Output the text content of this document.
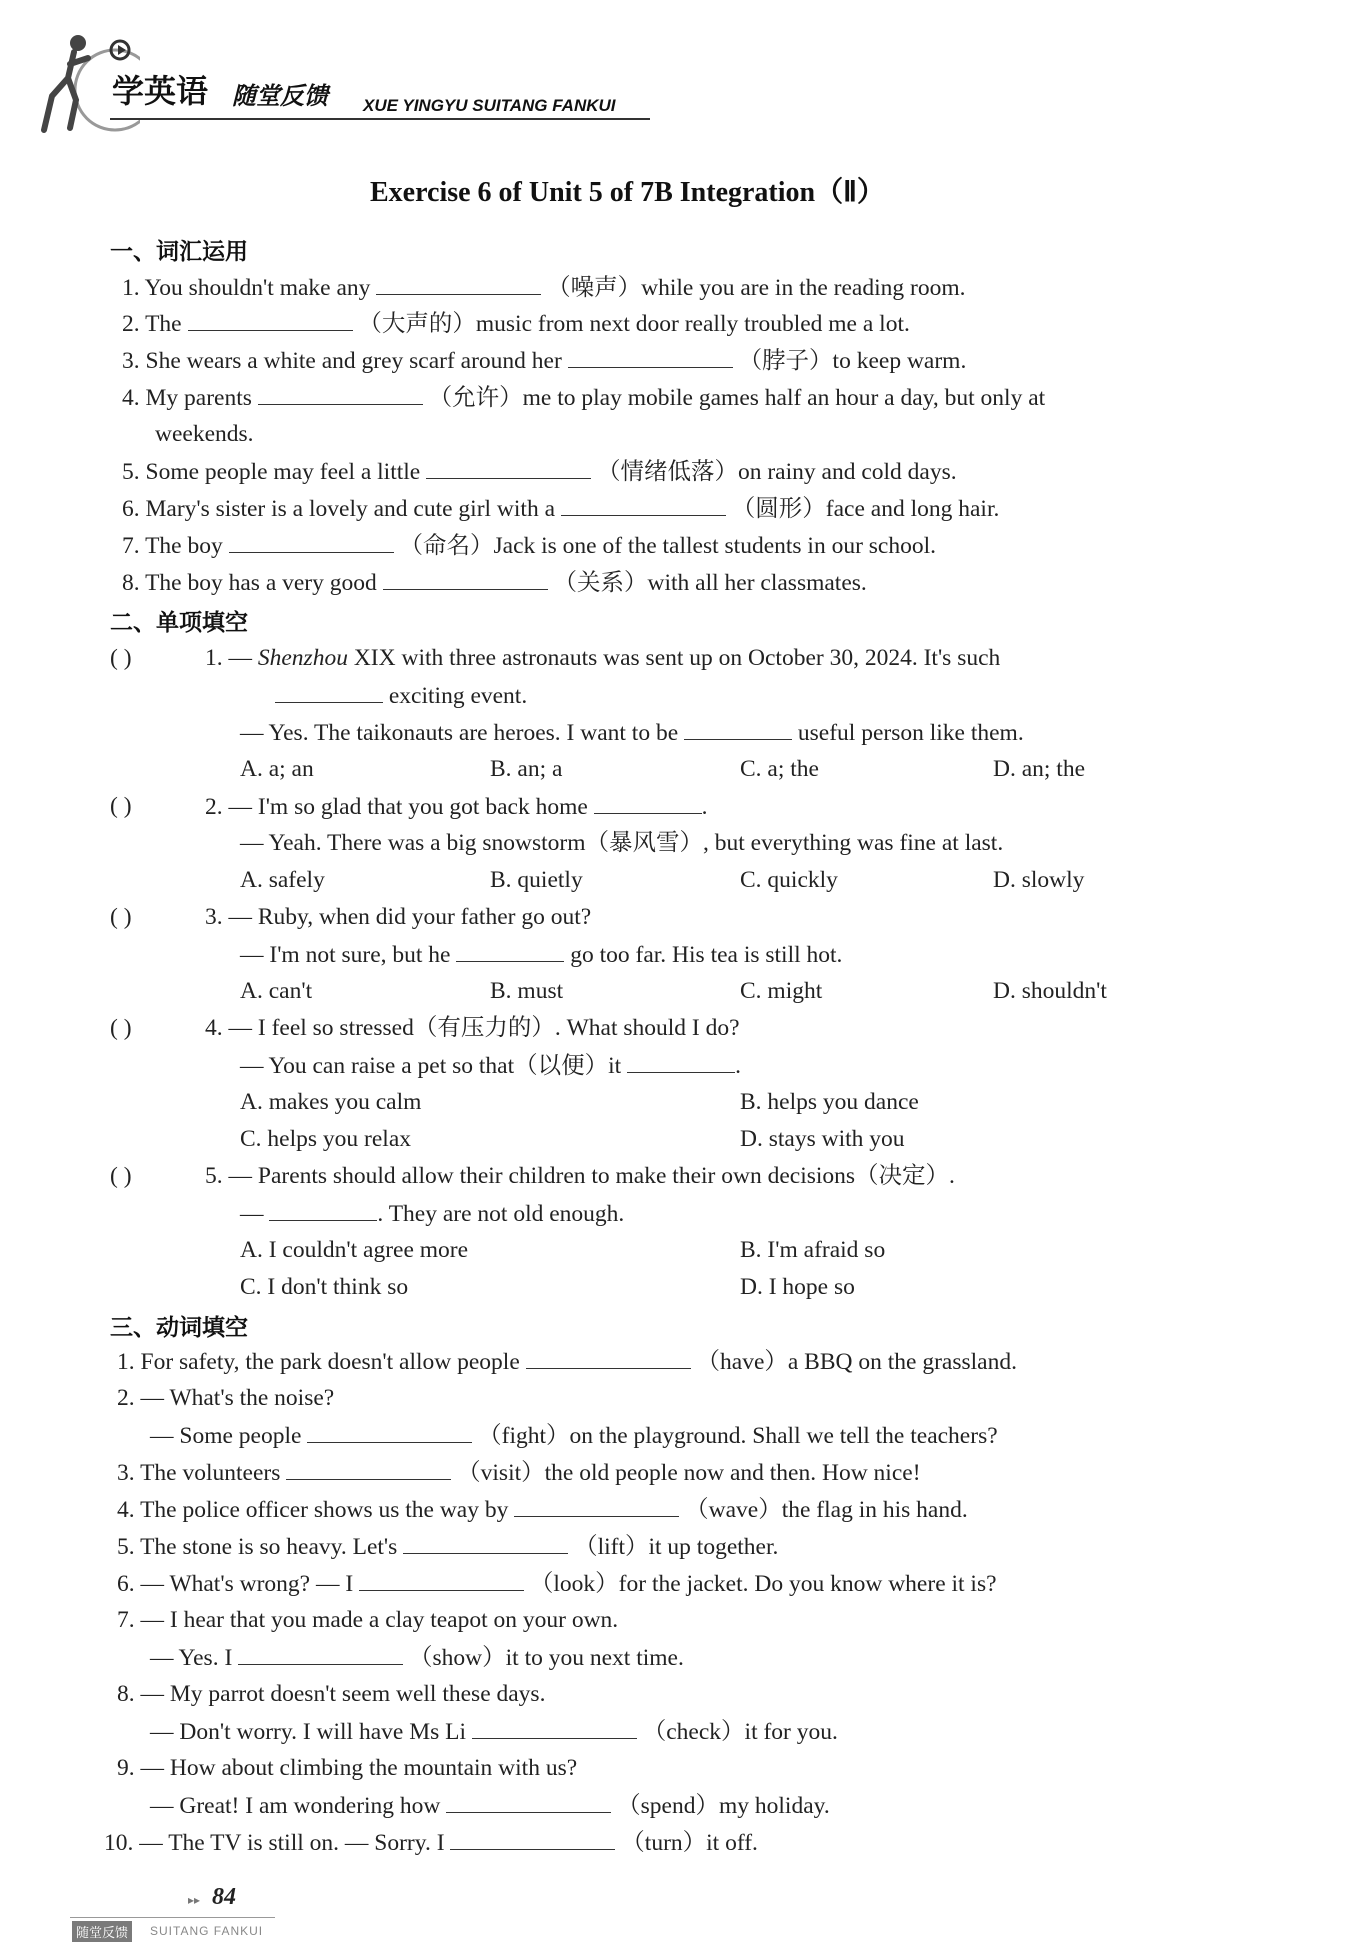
学英语 随堂反馈 XUE YINGYU SUITANG FANKUI
Exercise 6 of Unit 5 of 7B Integration（Ⅱ）
一、词汇运用
1. You shouldn't make any	（噪声）while you are in the reading room.
2. The	（大声的）music from next door really troubled me a lot.
3. She wears a white and grey scarf around her	（脖子）to keep warm.
4. My parents	（允许）me to play mobile games half an hour a day, but only at
weekends.
5. Some people may feel a little	（情绪低落）on rainy and cold days.
6. Mary's sister is a lovely and cute girl with a	（圆形）face and long hair.
7. The boy	（命名）Jack is one of the tallest students in our school.
8. The boy has a very good	（关系）with all her classmates.
二、单项填空
( )	1. — Shenzhou XIX with three astronauts was sent up on October 30, 2024. It's such
exciting event.
— Yes. The taikonauts are heroes. I want to be	useful person like them.
A. a; an	B. an; a	C. a; the	D. an; the
( )	2. — I'm so glad that you got back home	.
— Yeah. There was a big snowstorm（暴风雪）, but everything was fine at last.
A. safely	B. quietly	C. quickly	D. slowly
( )	3. — Ruby, when did your father go out?
— I'm not sure, but he	go too far. His tea is still hot.
A. can't	B. must	C. might	D. shouldn't
( )	4. — I feel so stressed（有压力的）. What should I do?
— You can raise a pet so that（以便）it	.
A. makes you calm	B. helps you dance
C. helps you relax	D. stays with you
( )	5. — Parents should allow their children to make their own decisions（决定）.
—	. They are not old enough.
A. I couldn't agree more	B. I'm afraid so
C. I don't think so	D. I hope so
三、动词填空
1. For safety, the park doesn't allow people	（have）a BBQ on the grassland.
2. — What's the noise?
— Some people	（fight）on the playground. Shall we tell the teachers?
3. The volunteers	（visit）the old people now and then. How nice!
4. The police officer shows us the way by	（wave）the flag in his hand.
5. The stone is so heavy. Let's	（lift）it up together.
6. — What's wrong? — I	（look）for the jacket. Do you know where it is?
7. — I hear that you made a clay teapot on your own.
— Yes. I	（show）it to you next time.
8. — My parrot doesn't seem well these days.
— Don't worry. I will have Ms Li	（check）it for you.
9. — How about climbing the mountain with us?
— Great! I am wondering how	（spend）my holiday.
10. — The TV is still on. — Sorry. I	（turn）it off.
▸▸ 84
随堂反馈	SUITANG FANKUI
